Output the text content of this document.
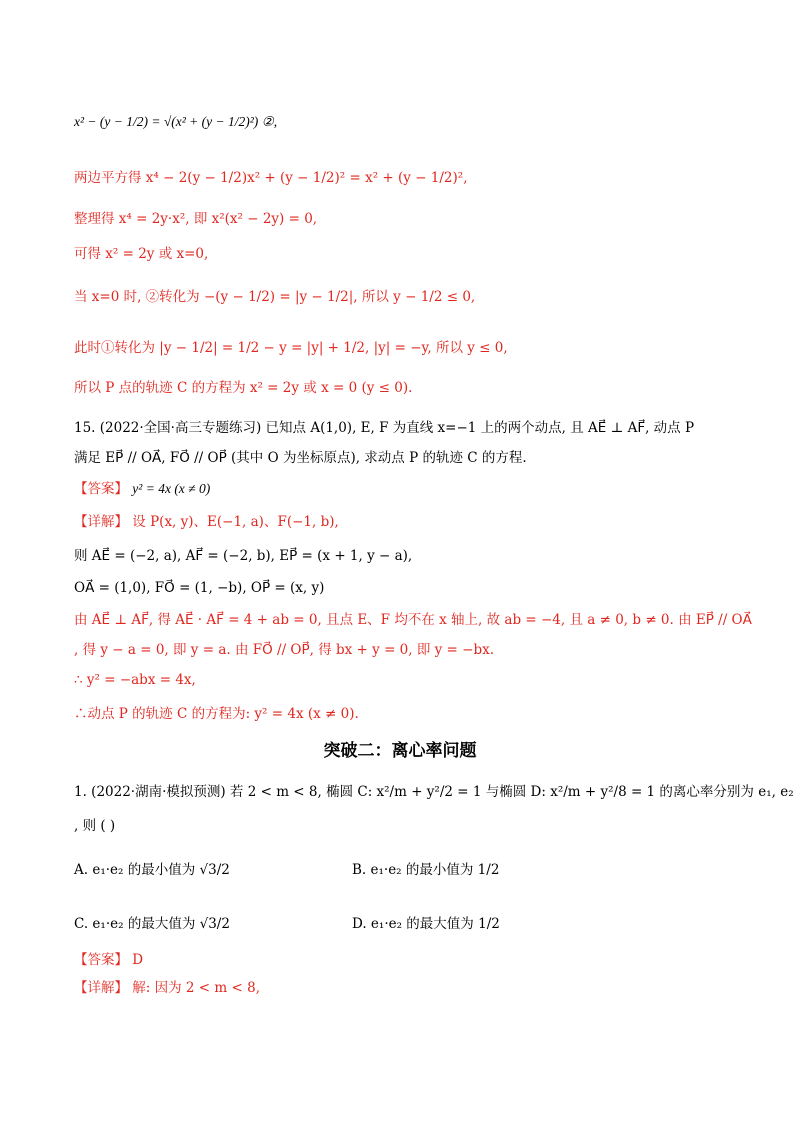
x² − (y − 1/2) = √(x² + (y − 1/2)²) ②,
两边平方得 x⁴ − 2(y − 1/2)x² + (y − 1/2)² = x² + (y − 1/2)²,
整理得 x⁴ = 2y·x², 即 x²(x² − 2y) = 0,
可得 x² = 2y 或 x=0,
当 x=0 时, ②转化为 −(y − 1/2) = |y − 1/2|, 所以 y − 1/2 ≤ 0,
此时①转化为 |y − 1/2| = 1/2 − y = |y| + 1/2, |y| = −y, 所以 y ≤ 0,
所以 P 点的轨迹 C 的方程为 x² = 2y 或 x = 0 (y ≤ 0).
15. (2022·全国·高三专题练习) 已知点 A(1,0), E, F 为直线 x=−1 上的两个动点, 且 AE⃗ ⊥ AF⃗, 动点 P
满足 EP⃗ // OA⃗, FO⃗ // OP⃗ (其中 O 为坐标原点), 求动点 P 的轨迹 C 的方程.
【答案】 y² = 4x (x ≠ 0)
【详解】 设 P(x, y)、E(−1, a)、F(−1, b),
则 AE⃗ = (−2, a), AF⃗ = (−2, b), EP⃗ = (x + 1, y − a),
OA⃗ = (1,0), FO⃗ = (1, −b), OP⃗ = (x, y)
由 AE⃗ ⊥ AF⃗, 得 AE⃗ · AF⃗ = 4 + ab = 0, 且点 E、F 均不在 x 轴上, 故 ab = −4, 且 a ≠ 0, b ≠ 0. 由 EP⃗ // OA⃗
, 得 y − a = 0, 即 y = a. 由 FO⃗ // OP⃗, 得 bx + y = 0, 即 y = −bx.
∴ y² = −abx = 4x,
∴动点 P 的轨迹 C 的方程为: y² = 4x (x ≠ 0).
突破二：离心率问题
1. (2022·湖南·模拟预测) 若 2 < m < 8, 椭圆 C: x²/m + y²/2 = 1 与椭圆 D: x²/m + y²/8 = 1 的离心率分别为 e₁, e₂
, 则 ( )
A. e₁·e₂ 的最小值为 √3/2	B. e₁·e₂ 的最小值为 1/2
C. e₁·e₂ 的最大值为 √3/2	D. e₁·e₂ 的最大值为 1/2
【答案】 D
【详解】 解: 因为 2 < m < 8,
